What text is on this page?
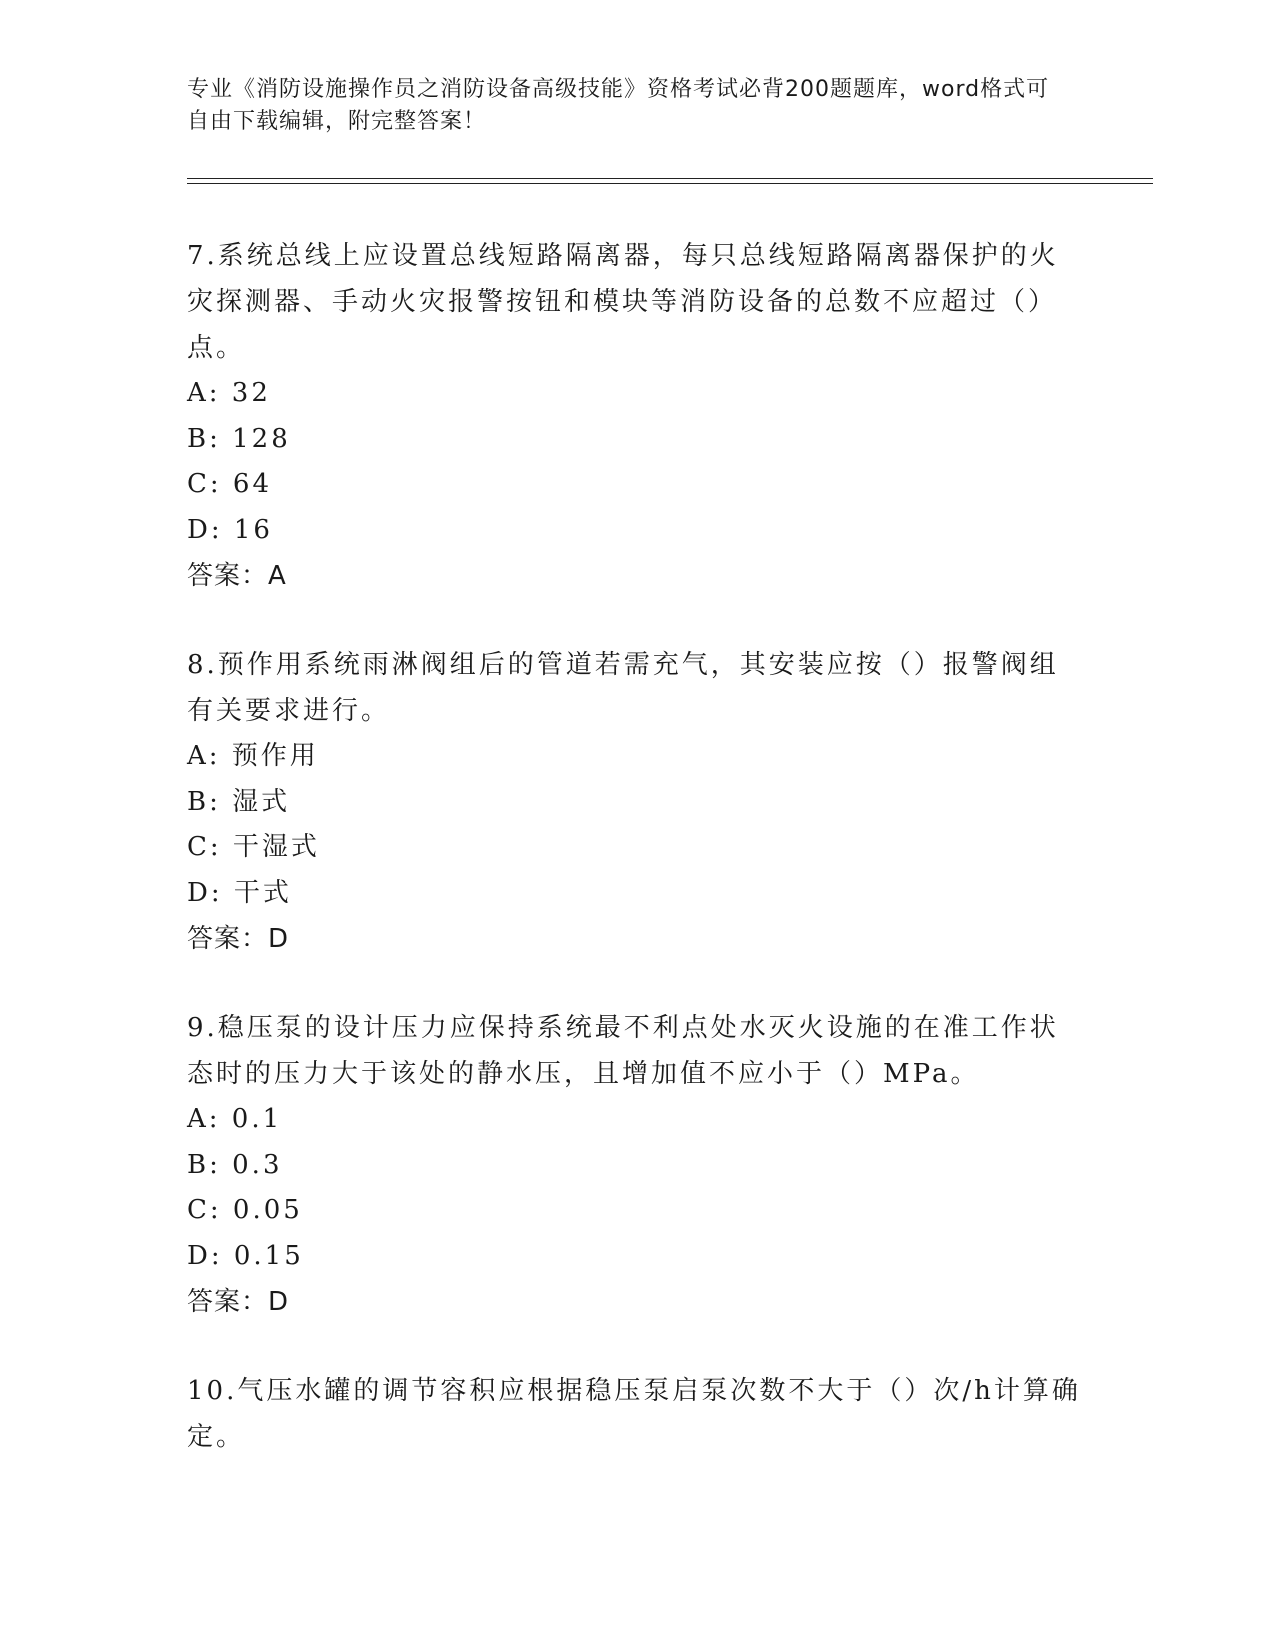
专业《消防设施操作员之消防设备高级技能》资格考试必背200题题库，word格式可自由下载编辑，附完整答案！
7.系统总线上应设置总线短路隔离器，每只总线短路隔离器保护的火灾探测器、手动火灾报警按钮和模块等消防设备的总数不应超过（）点。
A: 32
B: 128
C: 64
D: 16
答案：A
8.预作用系统雨淋阀组后的管道若需充气，其安装应按（）报警阀组有关要求进行。
A: 预作用
B: 湿式
C: 干湿式
D: 干式
答案：D
9.稳压泵的设计压力应保持系统最不利点处水灭火设施的在准工作状态时的压力大于该处的静水压，且增加值不应小于（）MPa。
A: 0.1
B: 0.3
C: 0.05
D: 0.15
答案：D
10.气压水罐的调节容积应根据稳压泵启泵次数不大于（）次/h计算确定。
